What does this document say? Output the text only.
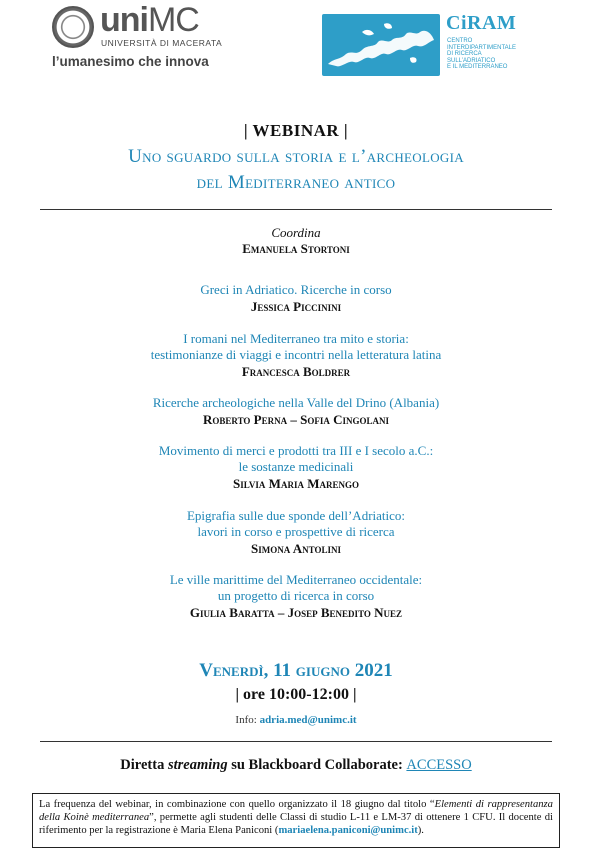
uniMC
UNIVERSITÀ DI MACERATA
l’umanesimo che innova
CiRAM
CENTRO
INTERDIPARTIMENTALE
DI RICERCA
SULL’ADRIATICO
E IL MEDITERRANEO
| WEBINAR |
Uno sguardo sulla storia e l’archeologia
del Mediterraneo antico
Coordina
Emanuela Stortoni
Greci in Adriatico. Ricerche in corso
Jessica Piccinini
I romani nel Mediterraneo tra mito e storia:
testimonianze di viaggi e incontri nella letteratura latina
Francesca Boldrer
Ricerche archeologiche nella Valle del Drino (Albania)
Roberto Perna – Sofia Cingolani
Movimento di merci e prodotti tra III e I secolo a.C.:
le sostanze medicinali
Silvia Maria Marengo
Epigrafia sulle due sponde dell’Adriatico:
lavori in corso e prospettive di ricerca
Simona Antolini
Le ville marittime del Mediterraneo occidentale:
un progetto di ricerca in corso
Giulia Baratta – Josep Benedito Nuez
Venerdì, 11 giugno 2021
| ore 10:00-12:00 |
Info: adria.med@unimc.it
Diretta streaming su Blackboard Collaborate: ACCESSO
La frequenza del webinar, in combinazione con quello organizzato il 18 giugno dal titolo “Elementi di rappresentanza della Koinè mediterranea”, permette agli studenti delle Classi di studio L-11 e LM-37 di ottenere 1 CFU. Il docente di riferimento per la registrazione è Maria Elena Paniconi (mariaelena.paniconi@unimc.it).
